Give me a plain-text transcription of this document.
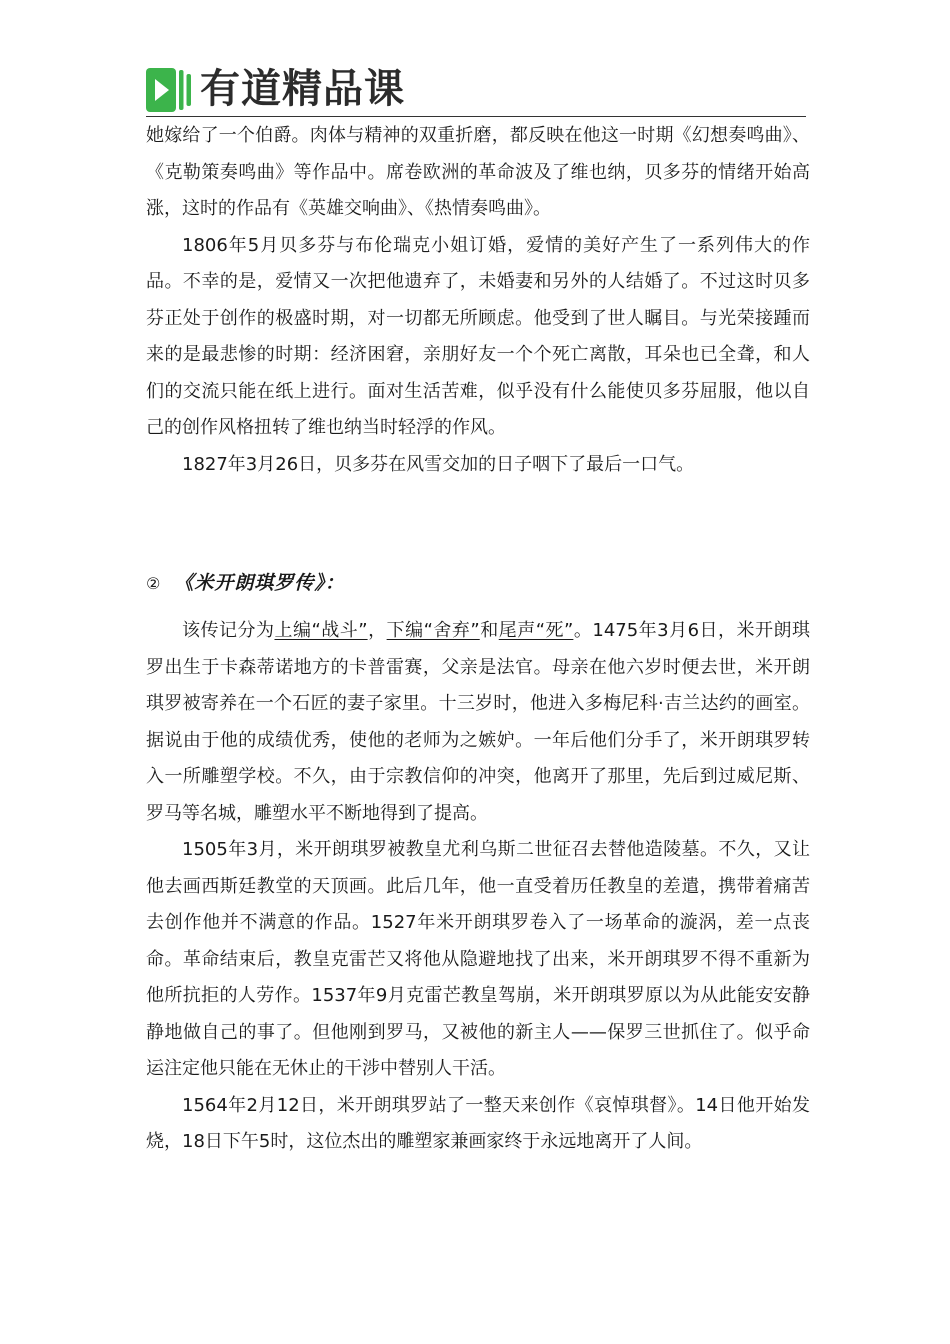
有道精品课

她嫁给了一个伯爵。肉体与精神的双重折磨，都反映在他这一时期《幻想奏鸣曲》、《克勒策奏鸣曲》等作品中。席卷欧洲的革命波及了维也纳，贝多芬的情绪开始高涨，这时的作品有《英雄交响曲》、《热情奏鸣曲》。

1806年5月贝多芬与布伦瑞克小姐订婚，爱情的美好产生了一系列伟大的作品。不幸的是，爱情又一次把他遗弃了，未婚妻和另外的人结婚了。不过这时贝多芬正处于创作的极盛时期，对一切都无所顾虑。他受到了世人瞩目。与光荣接踵而来的是最悲惨的时期：经济困窘，亲朋好友一个个死亡离散，耳朵也已全聋，和人们的交流只能在纸上进行。面对生活苦难，似乎没有什么能使贝多芬屈服，他以自己的创作风格扭转了维也纳当时轻浮的作风。

1827年3月26日，贝多芬在风雪交加的日子咽下了最后一口气。

② 《米开朗琪罗传》：

该传记分为上编“战斗”，下编“舍弃”和尾声“死”。1475年3月6日，米开朗琪罗出生于卡森蒂诺地方的卡普雷赛，父亲是法官。母亲在他六岁时便去世，米开朗琪罗被寄养在一个石匠的妻子家里。十三岁时，他进入多梅尼科·吉兰达约的画室。据说由于他的成绩优秀，使他的老师为之嫉妒。一年后他们分手了，米开朗琪罗转入一所雕塑学校。不久，由于宗教信仰的冲突，他离开了那里，先后到过威尼斯、罗马等名城，雕塑水平不断地得到了提高。

1505年3月，米开朗琪罗被教皇尤利乌斯二世征召去替他造陵墓。不久，又让他去画西斯廷教堂的天顶画。此后几年，他一直受着历任教皇的差遣，携带着痛苦去创作他并不满意的作品。1527年米开朗琪罗卷入了一场革命的漩涡，差一点丧命。革命结束后，教皇克雷芒又将他从隐避地找了出来，米开朗琪罗不得不重新为他所抗拒的人劳作。1537年9月克雷芒教皇驾崩，米开朗琪罗原以为从此能安安静静地做自己的事了。但他刚到罗马，又被他的新主人——保罗三世抓住了。似乎命运注定他只能在无休止的干涉中替别人干活。

1564年2月12日，米开朗琪罗站了一整天来创作《哀悼琪督》。14日他开始发烧，18日下午5时，这位杰出的雕塑家兼画家终于永远地离开了人间。
